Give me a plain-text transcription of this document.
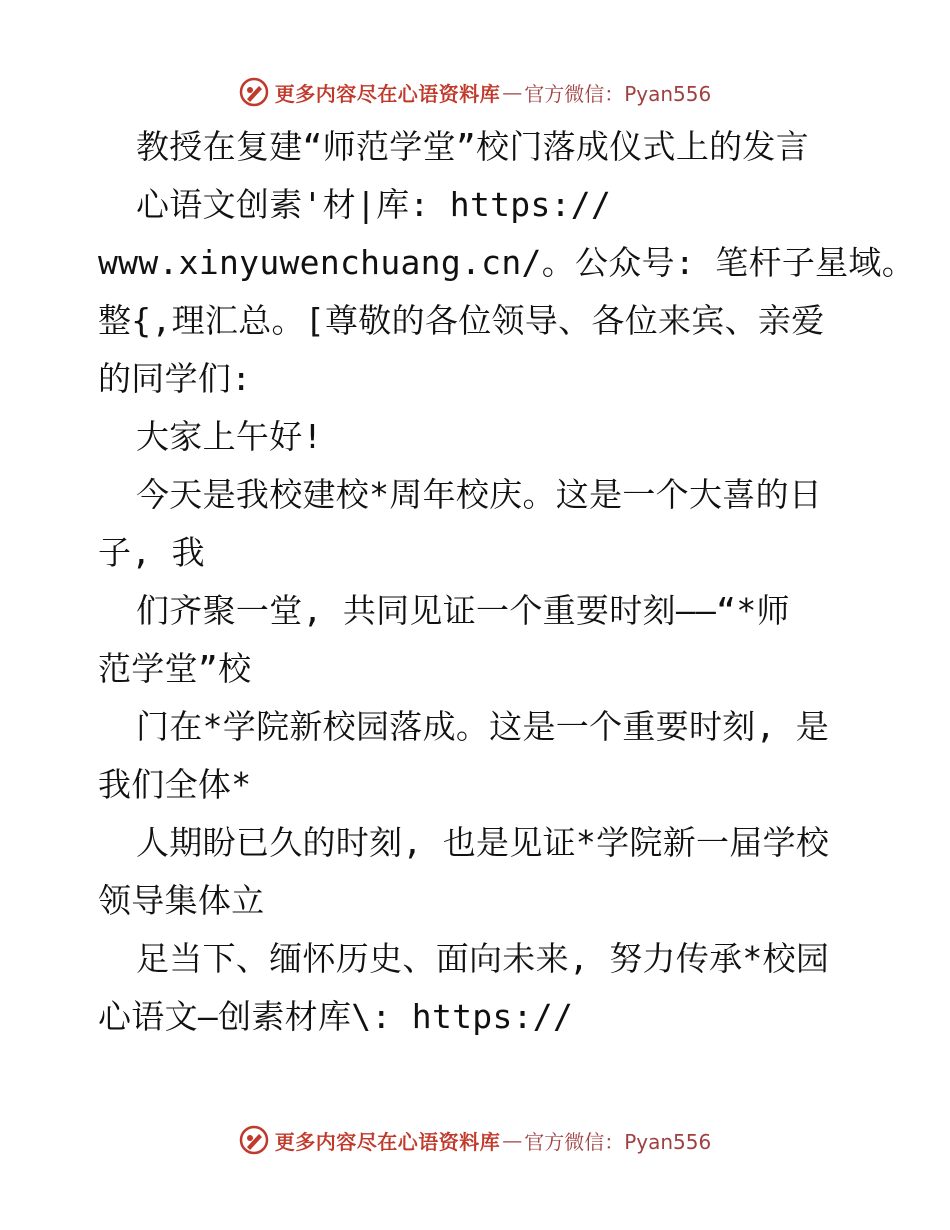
更多内容尽在心语资料库 — 官方微信：Pyan556
教授在复建“师范学堂”校门落成仪式上的发言
心语文创素'材|库: https://
www.xinyuwenchuang.cn/。公众号: 笔杆子星域。
整{,理汇总。[尊敬的各位领导、各位来宾、亲爱
的同学们:
大家上午好!
今天是我校建校*周年校庆。这是一个大喜的日
子, 我
们齐聚一堂, 共同见证一个重要时刻——“*师
范学堂”校
门在*学院新校园落成。这是一个重要时刻, 是
我们全体*
人期盼已久的时刻, 也是见证*学院新一届学校
领导集体立
足当下、缅怀历史、面向未来, 努力传承*校园
心语文—创素材库\: https://
更多内容尽在心语资料库 — 官方微信：Pyan556
